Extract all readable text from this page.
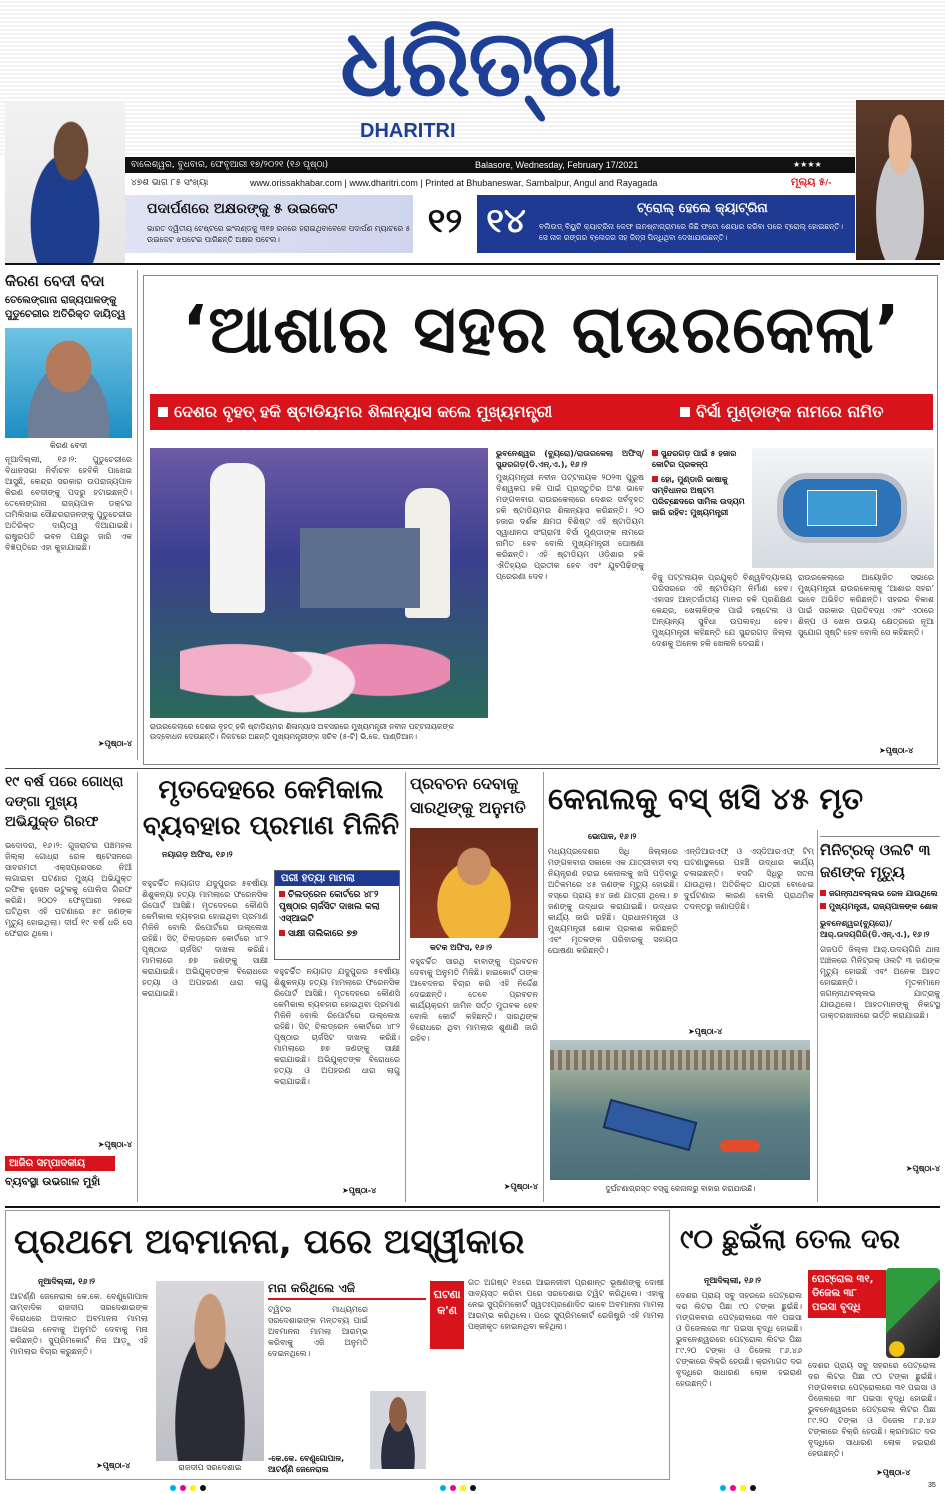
ଧରିତ୍ରୀ
DHARITRI
ବାଲେଶ୍ୱର, ବୁଧବାର, ଫେବୃଆରୀ ୧୭/୨୦୨୧ (୧୬ ପୃଷ୍ଠା)	Balasore, Wednesday, February 17/2021	★★★★
୪୭ଶ ଭାଗ ୮୫ ସଂଖ୍ୟା	www.orissakhabar.com | www.dharitri.com | Printed at Bhubaneswar, Sambalpur, Angul and Rayagada	ମୂଲ୍ୟ ୫/-
ପଦାର୍ପଣରେ ଅକ୍ଷରଙ୍କୁ ୫ ଉଇକେଟ
ଭାରତ ଦ୍ୱିତୀୟ ଟେଷ୍ଟରେ ଇଂଲଣ୍ଡକୁ ୩୧୭ ରନରେ ହରାଇଥିବାବେଳେ ପଦାର୍ପଣ ମ୍ୟାଚରେ ୫ ଉଇକେଟ ଝପଟେଇ ପାରିଛନ୍ତି ଅକ୍ଷର ପଟେଲ।	୧୨ ୧୪	ଟ୍ରୋଲ୍ ହେଲେ କ୍ୟାଟ୍ରିନା
ବଲିଉଡ୍ ବିୟୁଟି କ୍ୟାଟ୍ରିନା କେଫ ଇନଷ୍ଟାଗ୍ରାମରେ କିଛି ଫଟୋ ଶେୟାର କରିବା ପରେ ଟ୍ରୋଲ୍ ହୋଇଛନ୍ତି। ସେ ନାଳ ରଙ୍ଗର ବ୍ଲେଜର ସହ ଜିନ୍ସ ପିନ୍ଧିଥିବା ଦେଖାଯାଉଛନ୍ତି।
କିରଣ ବେଦୀ ବିଦା
ତେଲେଙ୍ଗାନା ରାଜ୍ୟପାଳଙ୍କୁ ପୁଡୁଚେରୀର ଅତିରିକ୍ତ ଦାୟିତ୍ୱ
କିରଣ ବେଦୀ
ନୂଆଦିଲ୍ଲୀ, ୧୬।୨: ପୁଡୁଚେରୀରେ ବିଧାନସଭା ନିର୍ବାଚନ ହେବିକି ପାଖେଇ ଆସୁଛି, କେନ୍ଦ୍ର ସରକାର ଉପରାଜ୍ୟପାଳ କିରଣ ବେଦୀଙ୍କୁ ପଦରୁ ହଟାଇଛନ୍ତି। ତେଲେଙ୍ଗାନା ରାଜ୍ୟପାଳ ଡକ୍ଟର ତାମିଲିସାଇ ସୌନ୍ଦରରାଜନଙ୍କୁ ପୁଡୁଚେରୀର ଅତିରିକ୍ତ ଦାୟିତ୍ୱ ଦିଆଯାଇଛି। ରାଷ୍ଟ୍ରପତି ଭବନ ପକ୍ଷରୁ ଜାରି ଏକ ବିଜ୍ଞପ୍ତିରେ ଏହା କୁହାଯାଇଛି।
➤ପୃଷ୍ଠା-୪
‘ଆଶାର ସହର ରାଉରକେଲା’
ଦେଶର ବୃହତ୍ ହକି ଷ୍ଟାଡିୟମର ଶିଳାନ୍ୟାସ କଲେ ମୁଖ୍ୟମନ୍ତ୍ରୀ	ବିର୍ସା ମୁଣ୍ଡାଙ୍କ ନାମରେ ନାମିତ
ରାଉରକେଲାରେ ଦେଶର ବୃହତ୍ ହକି ଷ୍ଟାଡିୟମର ଶିଳାନ୍ୟାସ ଅବସରରେ ମୁଖ୍ୟମନ୍ତ୍ରୀ ନବୀନ ପଟ୍ଟନାୟକଙ୍କ ଉଦ୍‌ବୋଧନ ଦେଉଛନ୍ତି। ନିକଟରେ ଅଛନ୍ତି ମୁଖ୍ୟମନ୍ତ୍ରୀଙ୍କ ସଚିବ (୫-ଟି) ଭି.କେ. ପାଣ୍ଡିଆନ।
ଭୁବନେଶ୍ୱର (ବ୍ୟୁରୋ)/ରାଉରକେଲା ଅଫିସ୍/ସୁନ୍ଦରଗଡ଼(ଡି.ଏନ୍.ଏ.), ୧୬।୨
ମୁଖ୍ୟମନ୍ତ୍ରୀ ନବୀନ ପଟ୍ଟନାୟକ ୨୦୨୩ ପୁରୁଷ ବିଶ୍ୱକପ ହକି ପାଇଁ ପ୍ରସ୍ତୁତିର ଅଂଶ ଭାବେ ମଙ୍ଗଳବାର ରାଉରକେଲାରେ ଦେଶର ସର୍ବବୃହତ୍ ହକି ଷ୍ଟାଡିୟମର ଶିଳାନ୍ୟାସ କରିଛନ୍ତି। ୨୦ ହଜାର ଦର୍ଶକ କ୍ଷମତା ବିଶିଷ୍ଟ ଏହି ଷ୍ଟାଡିୟମ ସ୍ୱାଧୀନତା ସଂଗ୍ରାମୀ ବିର୍ସା ମୁଣ୍ଡାଙ୍କ ନାମରେ ନାମିତ ହେବ ବୋଲି ମୁଖ୍ୟମନ୍ତ୍ରୀ ଘୋଷଣା କରିଛନ୍ତି। ଏହି ଷ୍ଟାଡିୟମ ଓଡ଼ିଶାର ହକି ଐତିହ୍ୟର ପ୍ରତୀକ ହେବ ଏବଂ ଯୁବପିଢ଼ିଙ୍କୁ ପ୍ରେରଣା ଦେବ।
ସୁନ୍ଦରଗଡ଼ ପାଇଁ ୫ ହଜାର କୋଟିର ପ୍ରକଳ୍ପ
ହୋ, ମୁଣ୍ଡାରି ଭାଷାକୁ ସମ୍ବିଧାନର ଅଷ୍ଟମ ପରିଚ୍ଛେଦରେ ସାମିଲ ଉଦ୍ୟମ ଜାରି ରହିବ: ମୁଖ୍ୟମନ୍ତ୍ରୀ
ବିଜୁ ପଟ୍ଟନାୟକ ପ୍ରଯୁକ୍ତି ବିଶ୍ୱବିଦ୍ୟାଳୟ ପରିସରରେ ଏହି ଷ୍ଟାଡିୟମ ନିର୍ମାଣ ହେବ। ଏହାସହ ଆନ୍ତର୍ଜାତୀୟ ମାନର ହକି ପ୍ରଶିକ୍ଷଣ କେନ୍ଦ୍ର, ଖେଳାଳିଙ୍କ ପାଇଁ ହଷ୍ଟେଲ ଓ ଅନ୍ୟାନ୍ୟ ସୁବିଧା ଉପଲବ୍ଧ ହେବ। ମୁଖ୍ୟମନ୍ତ୍ରୀ କହିଛନ୍ତି ଯେ ସୁନ୍ଦରଗଡ଼ ଜିଲ୍ଲା ଦେଶକୁ ଅନେକ ହକି ଖେଳାଳି ଦେଇଛି।
ରାଉରକେଲାରେ ଆୟୋଜିତ ସଭାରେ ମୁଖ୍ୟମନ୍ତ୍ରୀ ରାଉରକେଲାକୁ ‘ଆଶାର ସହର’ ଭାବେ ଅଭିହିତ କରିଛନ୍ତି। ସହରର ବିକାଶ ପାଇଁ ସରକାର ପ୍ରତିବଦ୍ଧ ଏବଂ ଏଠାରେ ଶିଳ୍ପ ଓ ଖେଳ ଉଭୟ କ୍ଷେତ୍ରରେ ନୂଆ ସୁଯୋଗ ସୃଷ୍ଟି ହେବ ବୋଲି ସେ କହିଛନ୍ତି।
➤ପୃଷ୍ଠା-୪
୧୯ ବର୍ଷ ପରେ ଗୋଧ୍ରା ଦଙ୍ଗା ମୁଖ୍ୟ ଅଭିଯୁକ୍ତ ଗିରଫ
ଭଦୋଦରା, ୧୬।୨: ଗୁଜରାଟର ପଞ୍ଚମହଲ ଜିଲ୍ଲା ଗୋଧ୍ରା ରେଳ ଷ୍ଟେସନରେ ସାବରମତୀ ଏକ୍ସପ୍ରେସରେ ନିଆଁ ଲଗାଇବା ଘଟଣାର ମୁଖ୍ୟ ଅଭିଯୁକ୍ତ ରଫିକ ହୁସେନ ଭଟୁକକୁ ପୋଲିସ ଗିରଫ କରିଛି। ୨୦୦୨ ଫେବୃଆରୀ ୨୭ରେ ଘଟିଥିବା ଏହି ଘଟଣାରେ ୫୯ ଜଣଙ୍କ ମୃତ୍ୟୁ ହୋଇଥିଲା। ଦୀର୍ଘ ୧୯ ବର୍ଷ ଧରି ସେ ଫେରାର ଥିଲେ।
➤ପୃଷ୍ଠା-୪
ଆଜିର ସମ୍ପାଦକୀୟ
ବ୍ୟବସ୍ଥା ଉଭଗାଳ ମୁହାଁ
ମୃତଦେହରେ କେମିକାଲ
ବ୍ୟବହାର ପ୍ରମାଣ ମିଳିନି
ନୟାଗଡ଼ ଅଫିସ, ୧୬।୨
ବହୁଚର୍ଚ୍ଚିତ ନୟାଗଡ଼ ଯଦୁପୁରର ୫ବର୍ଷୀୟା ଶିଶୁକନ୍ୟା ହତ୍ୟା ମାମଲାରେ ଫରେନସିକ ରିପୋର୍ଟ ଆସିଛି। ମୃତଦେହରେ କୌଣସି କେମିକାଲ ବ୍ୟବହାର ହୋଇଥିବା ପ୍ରମାଣ ମିଳିନି ବୋଲି ରିପୋର୍ଟରେ ଉଲ୍ଲେଖ ରହିଛି। ସିଟ୍ ଚିଲଡ୍ରେନ କୋର୍ଟରେ ୪୮୨ ପୃଷ୍ଠାର ଚାର୍ଜସିଟ ଦାଖଲ କରିଛି। ମାମଲାରେ ୭୭ ଜଣଙ୍କୁ ସାକ୍ଷୀ କରାଯାଇଛି। ଅଭିଯୁକ୍ତଙ୍କ ବିରୋଧରେ ହତ୍ୟା ଓ ଅପହରଣ ଧାରା ଲାଗୁ କରାଯାଇଛି।
ପରୀ ହତ୍ୟା ମାମଲା
ଚିଲଡ୍ରେନ କୋର୍ଟରେ ୪୮୨ ପୃଷ୍ଠାର ଚାର୍ଜସିଟ ଦାଖଲ କଲା ଏସ୍ଆଇଟି
ସାକ୍ଷୀ ତାଲିକାରେ ୭୭
ବହୁଚର୍ଚ୍ଚିତ ନୟାଗଡ଼ ଯଦୁପୁରର ୫ବର୍ଷୀୟା ଶିଶୁକନ୍ୟା ହତ୍ୟା ମାମଲାରେ ଫରେନସିକ ରିପୋର୍ଟ ଆସିଛି। ମୃତଦେହରେ କୌଣସି କେମିକାଲ ବ୍ୟବହାର ହୋଇଥିବା ପ୍ରମାଣ ମିଳିନି ବୋଲି ରିପୋର୍ଟରେ ଉଲ୍ଲେଖ ରହିଛି। ସିଟ୍ ଚିଲଡ୍ରେନ କୋର୍ଟରେ ୪୮୨ ପୃଷ୍ଠାର ଚାର୍ଜସିଟ ଦାଖଲ କରିଛି। ମାମଲାରେ ୭୭ ଜଣଙ୍କୁ ସାକ୍ଷୀ କରାଯାଇଛି। ଅଭିଯୁକ୍ତଙ୍କ ବିରୋଧରେ ହତ୍ୟା ଓ ଅପହରଣ ଧାରା ଲାଗୁ କରାଯାଇଛି।
➤ପୃଷ୍ଠା-୪
ପ୍ରବଚନ ଦେବାକୁ ସାରଥିଙ୍କୁ ଅନୁମତି
କଟକ ଅଫିସ, ୧୬।୨
ବହୁଚର୍ଚ୍ଚିତ ସାରଥି ବାବାଙ୍କୁ ପ୍ରବଚନ ଦେବାକୁ ଅନୁମତି ମିଳିଛି। ହାଇକୋର୍ଟ ତାଙ୍କ ଆବେଦନର ବିଚାର କରି ଏହି ନିର୍ଦ୍ଦେଶ ଦେଇଛନ୍ତି। ତେବେ ପ୍ରବଚନ କାର୍ଯ୍ୟକ୍ରମ ଜାମିନ ସର୍ତ୍ତ ମୁତାବକ ହେବ ବୋଲି କୋର୍ଟ କହିଛନ୍ତି। ସାରଥିଙ୍କ ବିରୋଧରେ ଥିବା ମାମଲାର ଶୁଣାଣି ଜାରି ରହିବ।
➤ପୃଷ୍ଠା-୪
କେନାଲକୁ ବସ୍ ଖସି ୪୫ ମୃତ
ଭୋପାଳ, ୧୬।୨
ମଧ୍ୟପ୍ରଦେଶର ସିଧି ଜିଲ୍ଲାରେ ମଙ୍ଗଳବାର ସକାଳେ ଏକ ଯାତ୍ରୀବାହୀ ବସ୍ ନିୟନ୍ତ୍ରଣ ହରାଇ କେନାଲକୁ ଖସି ପଡ଼ିବାରୁ ଅତିକମରେ ୪୫ ଜଣଙ୍କ ମୃତ୍ୟୁ ହୋଇଛି। ବସ୍‌ରେ ପ୍ରାୟ ୫୪ ଜଣ ଯାତ୍ରୀ ଥିଲେ। ୭ ଜଣଙ୍କୁ ଉଦ୍ଧାର କରାଯାଇଛି। ଉଦ୍ଧାର କାର୍ଯ୍ୟ ଜାରି ରହିଛି। ପ୍ରଧାନମନ୍ତ୍ରୀ ଓ ମୁଖ୍ୟମନ୍ତ୍ରୀ ଶୋକ ପ୍ରକାଶ କରିଛନ୍ତି ଏବଂ ମୃତକଙ୍କ ପରିବାରକୁ ସହାୟତା ଘୋଷଣା କରିଛନ୍ତି।
ଏନ୍‌ଡିଆରଏଫ୍ ଓ ଏସ୍‌ଡିଆରଏଫ୍ ଟିମ୍ ଘଟଣାସ୍ଥଳରେ ପହଞ୍ଚି ଉଦ୍ଧାର କାର୍ଯ୍ୟ ଚଳାଇଛନ୍ତି। ବସଟି ସିଧିରୁ ସତନା ଯାଉଥିଲା। ଅତିରିକ୍ତ ଯାତ୍ରୀ ବୋଝେଇ ଦୁର୍ଘଟଣାର କାରଣ ବୋଲି ପ୍ରାଥମିକ ତଦନ୍ତରୁ ଜଣାପଡ଼ିଛି।
➤ପୃଷ୍ଠା-୪
ଦୁର୍ଘଟଣାଗ୍ରସ୍ତ ବସ୍‌କୁ କେନାଲରୁ ବାହାର କରାଯାଉଛି।
ମିନିଟ୍ରକ୍ ଓଲଟି ୩ ଜଣଙ୍କ ମୃତ୍ୟୁ
ଜଗନ୍ନାଥବଲ୍ଲଭ ରେଳ ଯାଉଥିଲେ
ମୁଖ୍ୟମନ୍ତ୍ରୀ, ରାଜ୍ୟପାଳଙ୍କ ଶୋକ
ଭୁବନେଶ୍ୱର(ବ୍ୟୁରୋ)/ ଆର୍.ଉଦୟଗିରି(ଡି.ଏନ୍.ଏ.), ୧୬।୨
ଗଜପତି ଜିଲ୍ଲା ଆର୍.ଉଦୟଗିରି ଥାନା ଅଞ୍ଚଳରେ ମିନିଟ୍ରକ୍ ଓଲଟି ୩ ଜଣଙ୍କ ମୃତ୍ୟୁ ହୋଇଛି ଏବଂ ଅନେକ ଆହତ ହୋଇଛନ୍ତି। ମୃତକମାନେ ଜଗନ୍ନାଥବଲ୍ଲଭ ଯାତ୍ରାକୁ ଯାଉଥିଲେ। ଆହତମାନଙ୍କୁ ନିକଟସ୍ଥ ଡାକ୍ତରଖାନାରେ ଭର୍ତ୍ତି କରାଯାଇଛି।
➤ପୃଷ୍ଠା-୪
ପ୍ରଥମେ ଅବମାନନା, ପରେ ଅସ୍ୱୀକାର
ନୂଆଦିଲ୍ଲୀ, ୧୬।୨
ଆଟର୍ଣ୍ଣି ଜେନେରାଲ କେ.କେ. ବେଣୁଗୋପାଳ ସାମ୍ବାଦିକ ରାଜଦୀପ ସରଦେଶାଇଙ୍କ ବିରୋଧରେ ଅଦାଲତ ଅବମାନନା ମାମଲା ଆଗେଇ ନେବାକୁ ଅନୁମତି ଦେବାକୁ ମନା କରିଛନ୍ତି। ସୁପ୍ରିମକୋର୍ଟ ନିଜ ଆଡ଼ୁ ଏହି ମାମଲାର ବିଚାର କରୁଛନ୍ତି।
➤ପୃଷ୍ଠା-୪	ରାଜଦୀପ ସରଦେଶାଇ
ମନା କରିଥିଲେ ଏଜି
ଟ୍ୱିଟର ମାଧ୍ୟମରେ ସରଦେଶାଇଙ୍କ ମନ୍ତବ୍ୟ ପାଇଁ ଅବମାନନା ମାମଲା ଆରମ୍ଭ କରିବାକୁ ଏଜି ଅନୁମତି ଦେଇନଥିଲେ।
-କେ.କେ. ବେଣୁଗୋପାଳ, ଆଟର୍ଣ୍ଣି ଜେନେରାଲ
ଘଟଣା କ'ଣ
ଗତ ଅଗଷ୍ଟ ୧୪ରେ ଆଇନଜୀବୀ ପ୍ରଶାନ୍ତ ଭୂଷଣଙ୍କୁ ଦୋଷୀ ସାବ୍ୟସ୍ତ କରିବା ପରେ ସରଦେଶାଇ ଟ୍ୱିଟ କରିଥିଲେ। ଏହାକୁ ନେଇ ସୁପ୍ରିମକୋର୍ଟ ସ୍ୱତଃପ୍ରଣୋଦିତ ଭାବେ ଅବମାନନା ମାମଲା ଆରମ୍ଭ କରିଥିଲେ। ପରେ ସୁପ୍ରିମକୋର୍ଟ ରେଜିଷ୍ଟ୍ରି ଏହି ମାମଲା ପଞ୍ଜୀକୃତ ହୋଇନଥିବା କହିଥିଲା।
୯୦ ଛୁଇଁଲା ତେଲ ଦର
ନୂଆଦିଲ୍ଲୀ, ୧୬।୨	ପେଟ୍ରୋଲ ୩୧, ଡିଜେଲ ୩୮ ପଇସା ବୃଦ୍ଧି
ଦେଶର ପ୍ରାୟ ସବୁ ସହରରେ ପେଟ୍ରୋଲ ଦର ଲିଟର ପିଛା ୯୦ ଟଙ୍କା ଛୁଇଁଛି। ମଙ୍ଗଳବାର ପେଟ୍ରୋଲରେ ୩୧ ପଇସା ଓ ଡିଜେଲରେ ୩୮ ପଇସା ବୃଦ୍ଧି ହୋଇଛି। ଭୁବନେଶ୍ୱରରେ ପେଟ୍ରୋଲ ଲିଟର ପିଛା ୮୯.୨୦ ଟଙ୍କା ଓ ଡିଜେଲ ୮୬.୪୬ ଟଙ୍କାରେ ବିକ୍ରି ହେଉଛି। କ୍ରମାଗତ ଦର ବୃଦ୍ଧିରେ ସାଧାରଣ ଲୋକ ହଇରାଣ ହେଉଛନ୍ତି।
ଦେଶର ପ୍ରାୟ ସବୁ ସହରରେ ପେଟ୍ରୋଲ ଦର ଲିଟର ପିଛା ୯୦ ଟଙ୍କା ଛୁଇଁଛି। ମଙ୍ଗଳବାର ପେଟ୍ରୋଲରେ ୩୧ ପଇସା ଓ ଡିଜେଲରେ ୩୮ ପଇସା ବୃଦ୍ଧି ହୋଇଛି। ଭୁବନେଶ୍ୱରରେ ପେଟ୍ରୋଲ ଲିଟର ପିଛା ୮୯.୨୦ ଟଙ୍କା ଓ ଡିଜେଲ ୮୬.୪୬ ଟଙ୍କାରେ ବିକ୍ରି ହେଉଛି। କ୍ରମାଗତ ଦର ବୃଦ୍ଧିରେ ସାଧାରଣ ଲୋକ ହଇରାଣ ହେଉଛନ୍ତି।
➤ପୃଷ୍ଠା-୪
35
